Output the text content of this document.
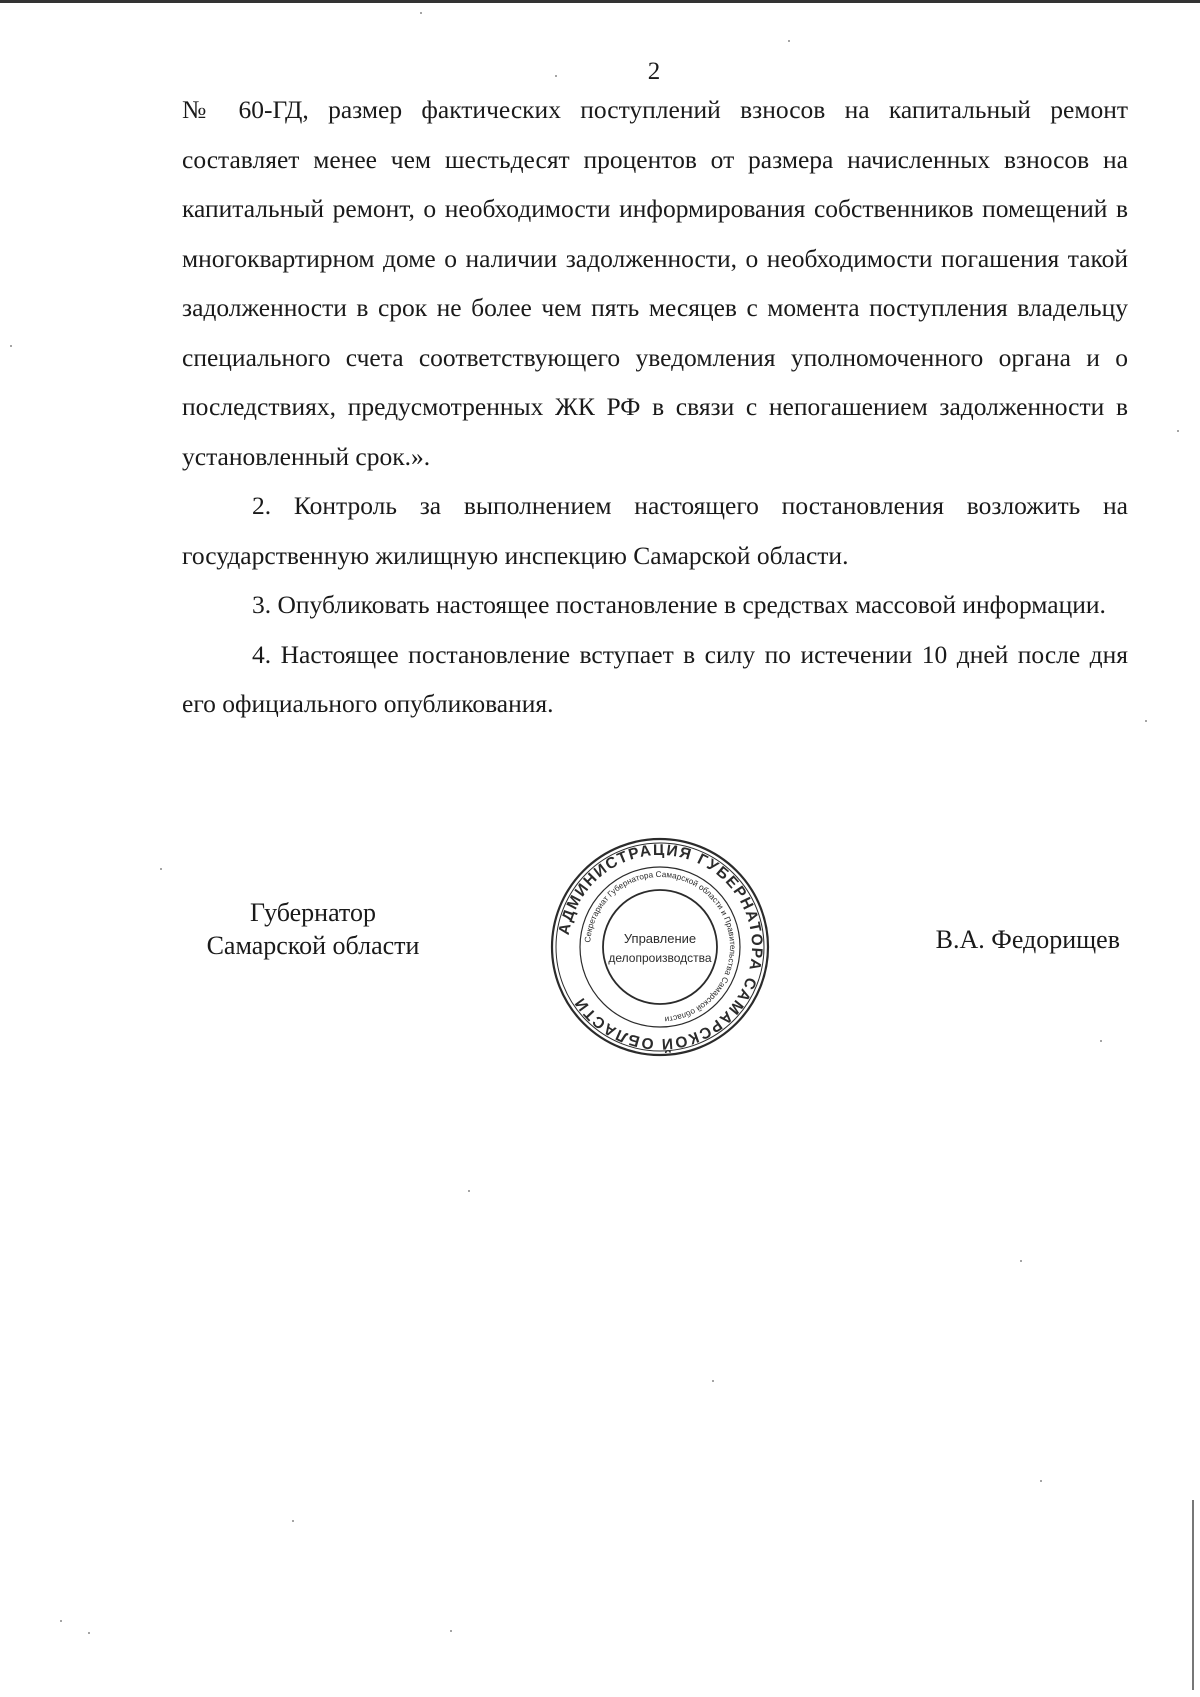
2

№ 60-ГД, размер фактических поступлений взносов на капитальный ремонт составляет менее чем шестьдесят процентов от размера начисленных взносов на капитальный ремонт, о необходимости информирования собственников помещений в многоквартирном доме о наличии задолженности, о необходимости погашения такой задолженности в срок не более чем пять месяцев с момента поступления владельцу специального счета соответствующего уведомления уполномоченного органа и о последствиях, предусмотренных ЖК РФ в связи с непогашением задолженности в установленный срок.».

2. Контроль за выполнением настоящего постановления возложить на государственную жилищную инспекцию Самарской области.

3. Опубликовать настоящее постановление в средствах массовой информации.

4. Настоящее постановление вступает в силу по истечении 10 дней после дня его официального опубликования.

Губернатор
Самарской области
АДМИНИСТРАЦИЯ ГУБЕРНАТОРА САМАРСКОЙ ОБЛАСТИ
Секретариат Губернатора Самарской области и Правительства Самарской области
Управление
делопроизводства
В.А. Федорищев
